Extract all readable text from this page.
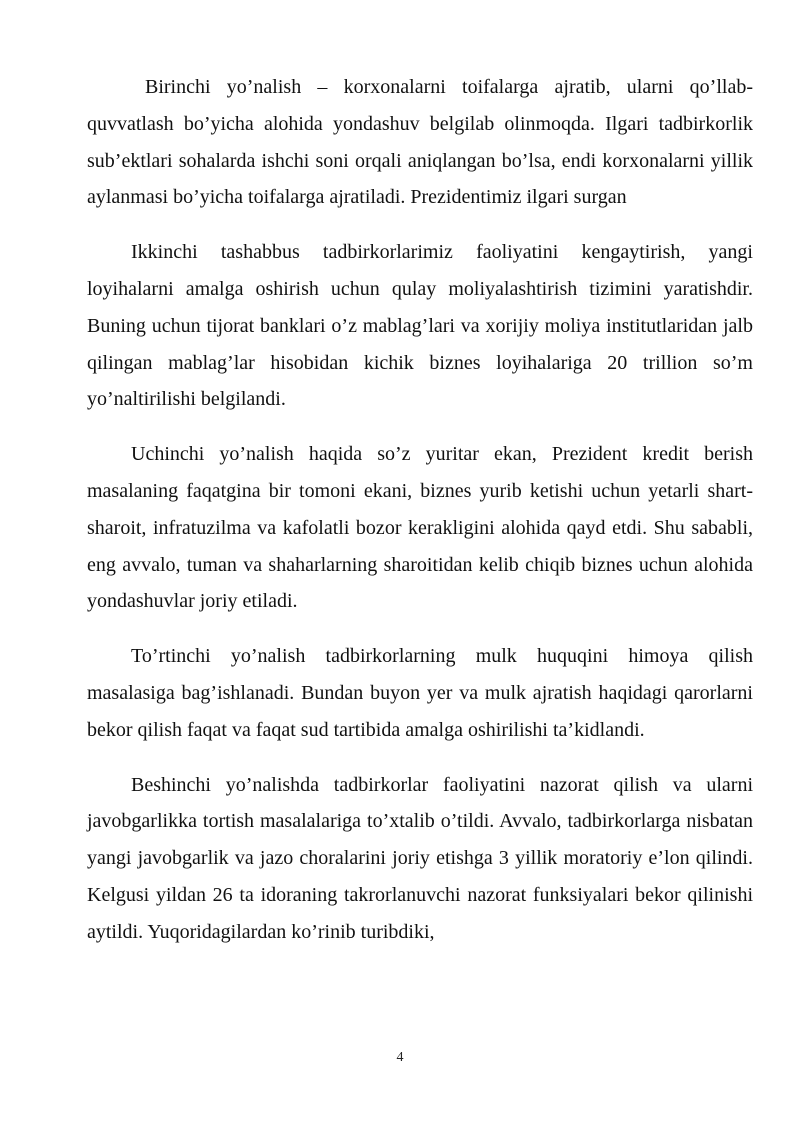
Birinchi yo’nalish – korxonalarni toifalarga ajratib, ularni qo’llab-quvvatlash bo’yicha alohida yondashuv belgilab olinmoqda. Ilgari tadbirkorlik sub’ektlari sohalarda ishchi soni orqali aniqlangan bo’lsa, endi korxonalarni yillik aylanmasi bo’yicha toifalarga ajratiladi. Prezidentimiz ilgari surgan

Ikkinchi tashabbus tadbirkorlarimiz faoliyatini kengaytirish, yangi loyihalarni amalga oshirish uchun qulay moliyalashtirish tizimini yaratishdir. Buning uchun tijorat banklari o’z mablag’lari va xorijiy moliya institutlaridan jalb qilingan mablag’lar hisobidan kichik biznes loyihalariga 20 trillion so’m yo’naltirilishi belgilandi.

Uchinchi yo’nalish haqida so’z yuritar ekan, Prezident kredit berish masalaning faqatgina bir tomoni ekani, biznes yurib ketishi uchun yetarli shart-sharoit, infratuzilma va kafolatli bozor kerakligini alohida qayd etdi. Shu sababli, eng avvalo, tuman va shaharlarning sharoitidan kelib chiqib biznes uchun alohida yondashuvlar joriy etiladi.

To’rtinchi yo’nalish tadbirkorlarning mulk huquqini himoya qilish masalasiga bag’ishlanadi. Bundan buyon yer va mulk ajratish haqidagi qarorlarni bekor qilish faqat va faqat sud tartibida amalga oshirilishi ta’kidlandi.

Beshinchi yo’nalishda tadbirkorlar faoliyatini nazorat qilish va ularni javobgarlikka tortish masalalariga to’xtalib o’tildi. Avvalo, tadbirkorlarga nisbatan yangi javobgarlik va jazo choralarini joriy etishga 3 yillik moratoriy e’lon qilindi. Kelgusi yildan 26 ta idoraning takrorlanuvchi nazorat funksiyalari bekor qilinishi aytildi. Yuqoridagilardan ko’rinib turibdiki,

4
